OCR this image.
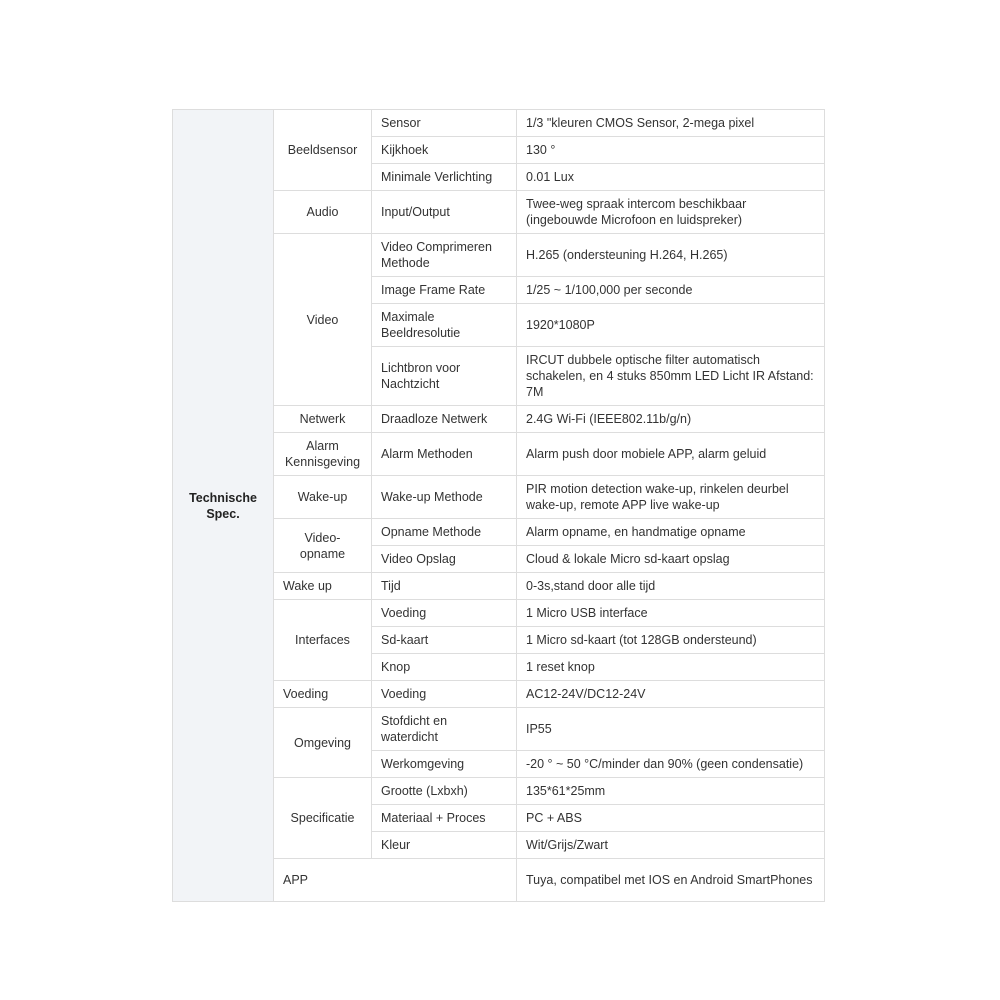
Technische Spec.	Beeldsensor	Sensor	1/3 "kleuren CMOS Sensor, 2-mega pixel
		Kijkhoek	130 °
		Minimale Verlichting	0.01 Lux
	Audio	Input/Output	Twee-weg spraak intercom beschikbaar (ingebouwde Microfoon en luidspreker)
	Video	Video Comprimeren Methode	H.265 (ondersteuning H.264, H.265)
		Image Frame Rate	1/25 ~ 1/100,000 per seconde
		Maximale Beeldresolutie	1920*1080P
		Lichtbron voor Nachtzicht	IRCUT dubbele optische filter automatisch schakelen, en 4 stuks 850mm LED Licht IR Afstand: 7M
	Netwerk	Draadloze Netwerk	2.4G Wi-Fi (IEEE802.11b/g/n)
	Alarm Kennisgeving	Alarm Methoden	Alarm push door mobiele APP, alarm geluid
	Wake-up	Wake-up Methode	PIR motion detection wake-up, rinkelen deurbel wake-up, remote APP live wake-up
	Video-opname	Opname Methode	Alarm opname, en handmatige opname
		Video Opslag	Cloud & lokale Micro sd-kaart opslag
	Wake up	Tijd	0-3s,stand door alle tijd
	Interfaces	Voeding	1 Micro USB interface
		Sd-kaart	1 Micro sd-kaart (tot 128GB ondersteund)
		Knop	1 reset knop
	Voeding	Voeding	AC12-24V/DC12-24V
	Omgeving	Stofdicht en waterdicht	IP55
		Werkomgeving	-20 ° ~ 50 °C/minder dan 90% (geen condensatie)
	Specificatie	Grootte (Lxbxh)	135*61*25mm
		Materiaal + Proces	PC + ABS
		Kleur	Wit/Grijs/Zwart
	APP		Tuya, compatibel met IOS en Android SmartPhones
